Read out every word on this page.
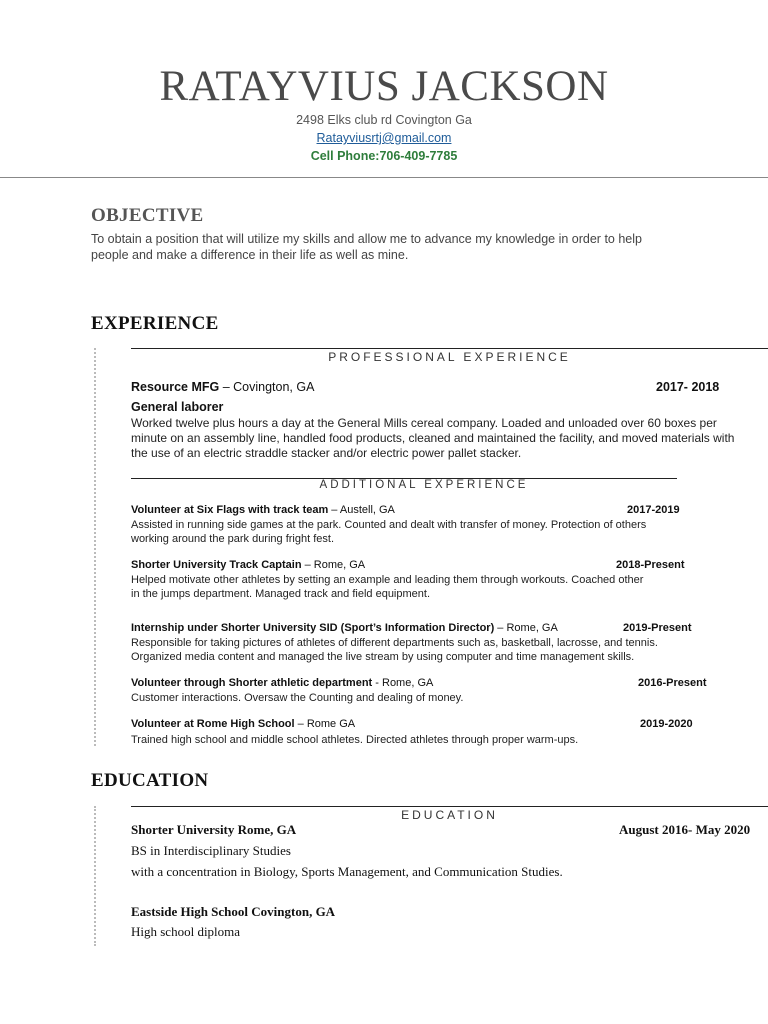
RATAYVIUS JACKSON
2498 Elks club rd Covington Ga
Ratayviusrtj@gmail.com
Cell Phone:706-409-7785
OBJECTIVE
To obtain a position that will utilize my skills and allow me to advance my knowledge in order to help
people and make a difference in their life as well as mine.
EXPERIENCE
PROFESSIONAL EXPERIENCE
Resource MFG – Covington, GA	2017- 2018
General laborer
Worked twelve plus hours a day at the General Mills cereal company. Loaded and unloaded over 60 boxes per
minute on an assembly line, handled food products, cleaned and maintained the facility, and moved materials with
the use of an electric straddle stacker and/or electric power pallet stacker.
ADDITIONAL EXPERIENCE
Volunteer at Six Flags with track team – Austell, GA	2017-2019
Assisted in running side games at the park. Counted and dealt with transfer of money. Protection of others
working around the park during fright fest.
Shorter University Track Captain – Rome, GA	2018-Present
Helped motivate other athletes by setting an example and leading them through workouts. Coached other
in the jumps department. Managed track and field equipment.
Internship under Shorter University SID (Sport’s Information Director) – Rome, GA	2019-Present
Responsible for taking pictures of athletes of different departments such as, basketball, lacrosse, and tennis.
Organized media content and managed the live stream by using computer and time management skills.
Volunteer through Shorter athletic department - Rome, GA	2016-Present
Customer interactions. Oversaw the Counting and dealing of money.
Volunteer at Rome High School – Rome GA	2019-2020
Trained high school and middle school athletes. Directed athletes through proper warm-ups.
EDUCATION
EDUCATION
Shorter University Rome, GA	August 2016- May 2020
BS in Interdisciplinary Studies
with a concentration in Biology, Sports Management, and Communication Studies.
Eastside High School Covington, GA
High school diploma
